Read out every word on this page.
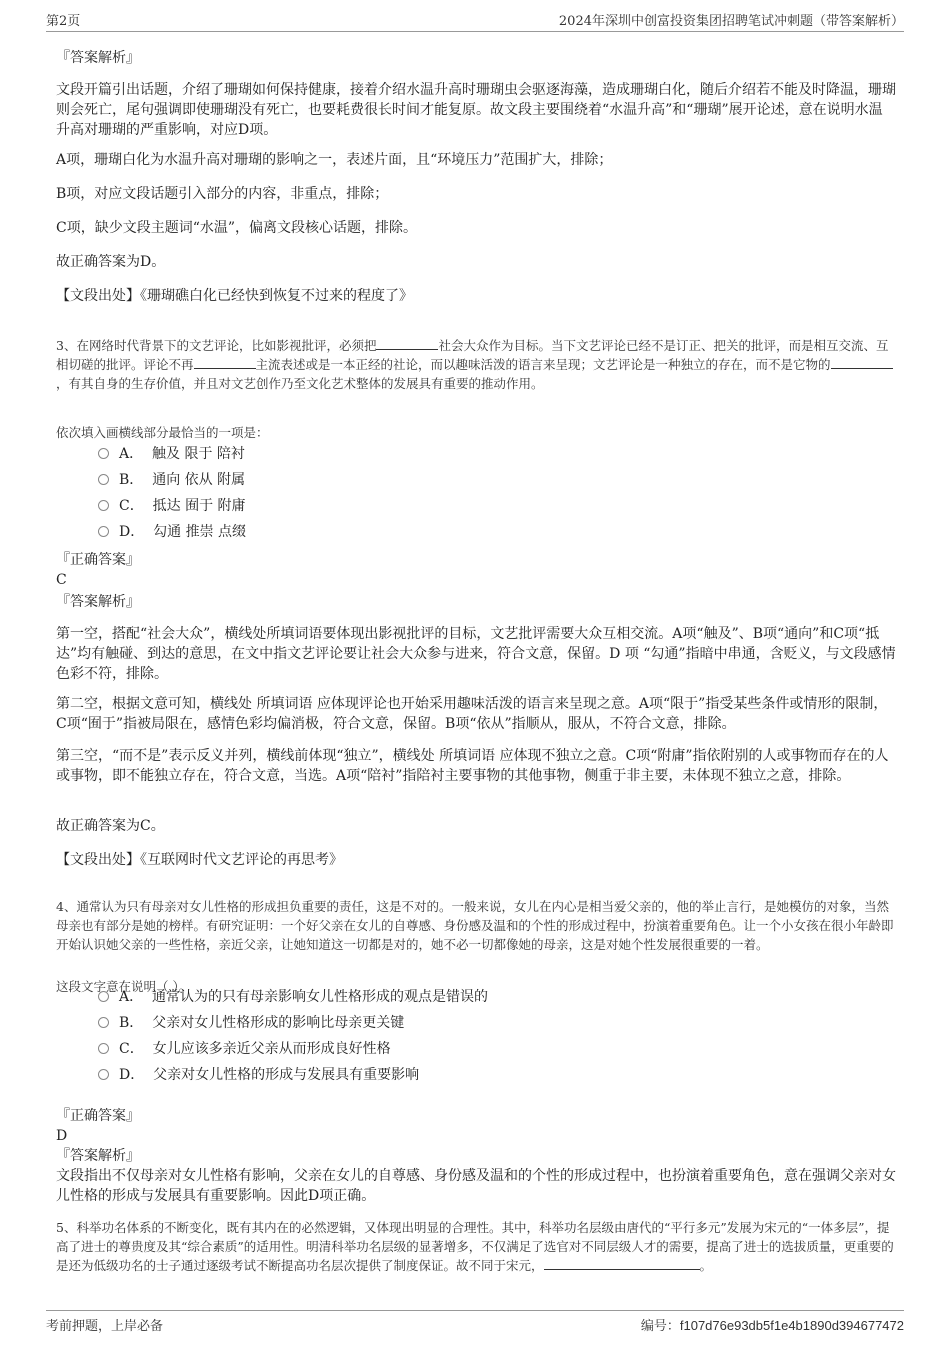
第2页	2024年深圳中创富投资集团招聘笔试冲刺题（带答案解析）

『答案解析』

文段开篇引出话题，介绍了珊瑚如何保持健康，接着介绍水温升高时珊瑚虫会驱逐海藻，造成珊瑚白化，随后介绍若不能及时降温，珊瑚则会死亡，尾句强调即使珊瑚没有死亡，也要耗费很长时间才能复原。故文段主要围绕着“水温升高”和“珊瑚”展开论述，意在说明水温升高对珊瑚的严重影响，对应D项。

A项，珊瑚白化为水温升高对珊瑚的影响之一，表述片面，且“环境压力”范围扩大，排除；

B项，对应文段话题引入部分的内容，非重点，排除；

C项，缺少文段主题词“水温”，偏离文段核心话题，排除。

故正确答案为D。

【文段出处】《珊瑚礁白化已经快到恢复不过来的程度了》

3、在网络时代背景下的文艺评论，比如影视批评，必须把	社会大众作为目标。当下文艺评论已经不是订正、把关的批评，而是相互交流、互相切磋的批评。评论不再	主流表述或是一本正经的社论，而以趣味活泼的语言来呈现；文艺评论是一种独立的存在，而不是它物的，有其自身的生存价值，并且对文艺创作乃至文化艺术整体的发展具有重要的推动作用。

依次填入画横线部分最恰当的一项是：

A． 触及 限于 陪衬
B． 通向 依从 附属
C． 抵达 囿于 附庸
D． 勾通 推崇 点缀

『正确答案』

C

『答案解析』

第一空，搭配“社会大众”，横线处所填词语要体现出影视批评的目标，文艺批评需要大众互相交流。A项“触及”、B项“通向”和C项“抵达”均有触碰、到达的意思，在文中指文艺评论要让社会大众参与进来，符合文意，保留。D 项 “勾通”指暗中串通，含贬义，与文段感情色彩不符，排除。

第二空，根据文意可知，横线处 所填词语 应体现评论也开始采用趣味活泼的语言来呈现之意。A项“限于”指受某些条件或情形的限制，C项“囿于”指被局限在，感情色彩均偏消极，符合文意，保留。B项“依从”指顺从，服从，不符合文意，排除。

第三空，“而不是”表示反义并列，横线前体现“独立”，横线处 所填词语 应体现不独立之意。C项“附庸”指依附别的人或事物而存在的人或事物，即不能独立存在，符合文意，当选。A项“陪衬”指陪衬主要事物的其他事物，侧重于非主要，未体现不独立之意，排除。

故正确答案为C。

【文段出处】《互联网时代文艺评论的再思考》

4、通常认为只有母亲对女儿性格的形成担负重要的责任，这是不对的。一般来说，女儿在内心是相当爱父亲的，他的举止言行，是她模仿的对象，当然母亲也有部分是她的榜样。有研究证明：一个好父亲在女儿的自尊感、身份感及温和的个性的形成过程中，扮演着重要角色。让一个小女孩在很小年龄即开始认识她父亲的一些性格，亲近父亲，让她知道这一切都是对的，她不必一切都像她的母亲，这是对她个性发展很重要的一着。

这段文字意在说明（ ）。

A． 通常认为的只有母亲影响女儿性格形成的观点是错误的
B． 父亲对女儿性格形成的影响比母亲更关键
C． 女儿应该多亲近父亲从而形成良好性格
D． 父亲对女儿性格的形成与发展具有重要影响

『正确答案』

D

『答案解析』

文段指出不仅母亲对女儿性格有影响，父亲在女儿的自尊感、身份感及温和的个性的形成过程中，也扮演着重要角色，意在强调父亲对女儿性格的形成与发展具有重要影响。因此D项正确。

5、科举功名体系的不断变化，既有其内在的必然逻辑，又体现出明显的合理性。其中，科举功名层级由唐代的“平行多元”发展为宋元的“一体多层”，提高了进士的尊贵度及其“综合素质”的适用性。明清科举功名层级的显著增多，不仅满足了选官对不同层级人才的需要，提高了进士的选拔质量，更重要的是还为低级功名的士子通过逐级考试不断提高功名层次提供了制度保证。故不同于宋元，	。

考前押题，上岸必备	编号：f107d76e93db5f1e4b1890d394677472
